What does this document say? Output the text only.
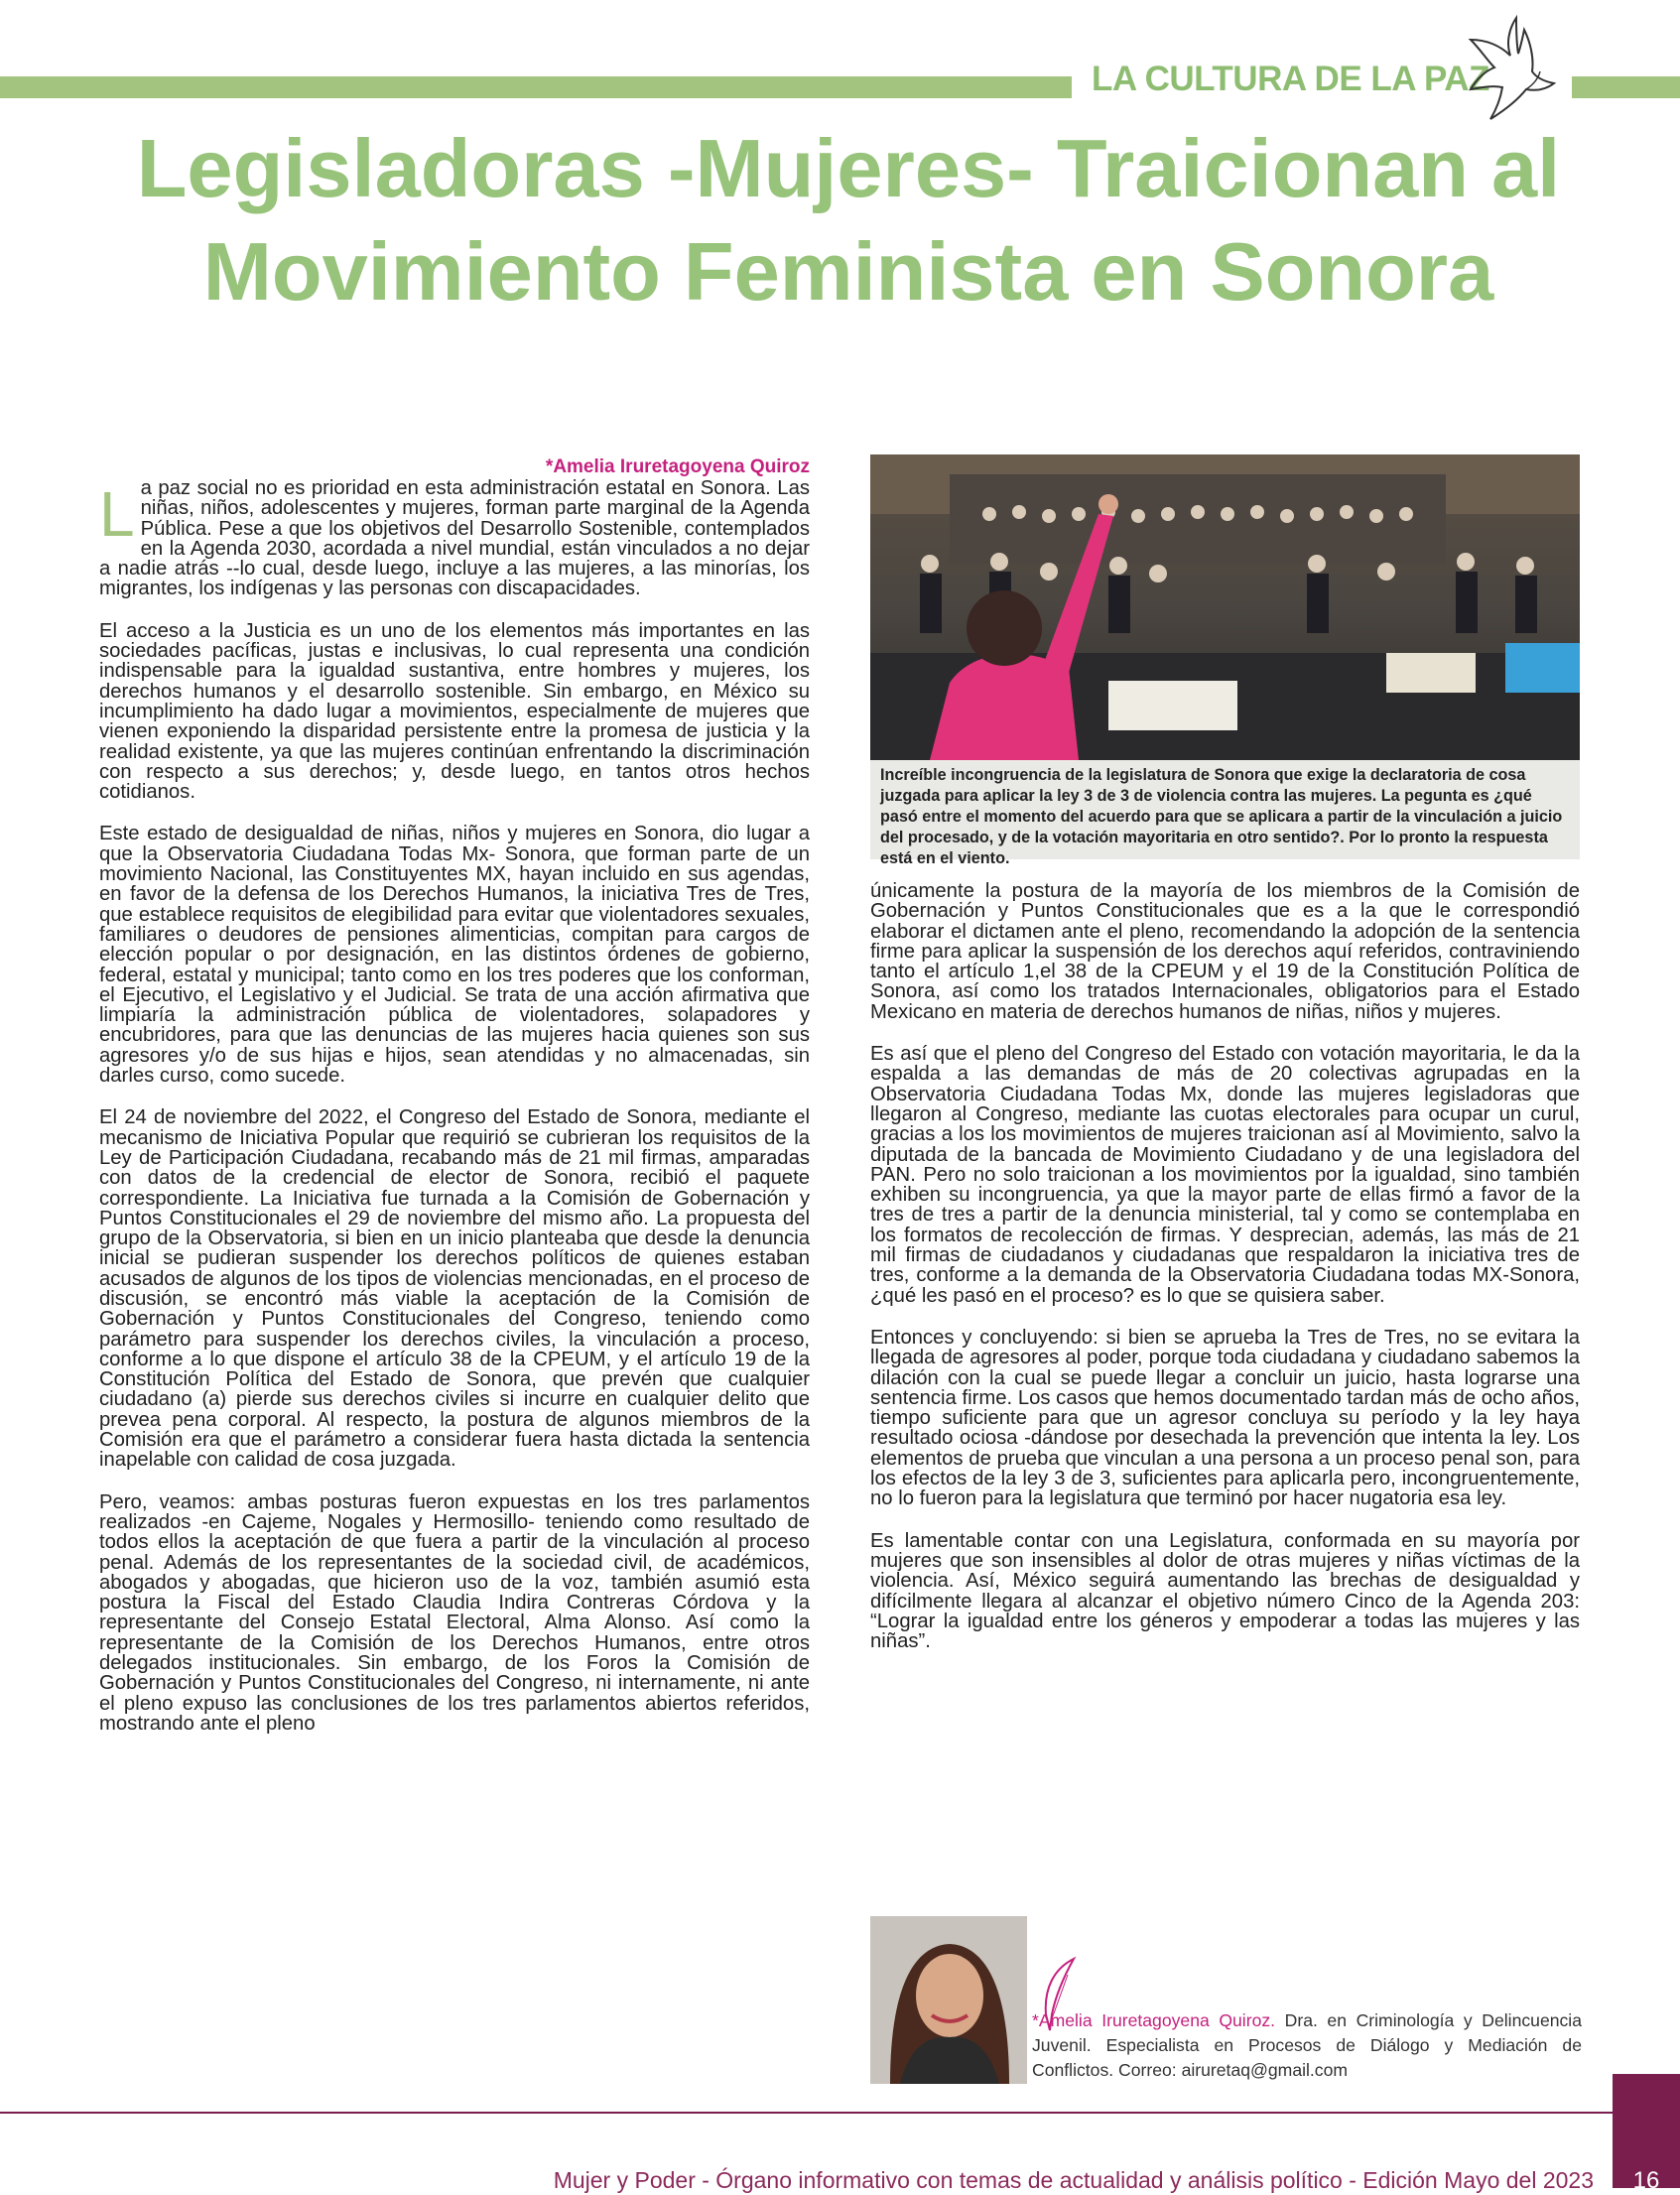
LA CULTURA DE LA PAZ
Legisladoras -Mujeres- Traicionan al Movimiento Feminista en Sonora
*Amelia Iruretagoyena Quiroz

La paz social no es prioridad en esta administración estatal en Sonora. Las niñas, niños, adolescentes y mujeres, forman parte marginal de la Agenda Pública. Pese a que los objetivos del Desarrollo Sostenible, contemplados en la Agenda 2030, acordada a nivel mundial, están vinculados a no dejar a nadie atrás --lo cual, desde luego, incluye a las mujeres, a las minorías, los migrantes, los indígenas y las personas con discapacidades.

El acceso a la Justicia es un uno de los elementos más importantes en las sociedades pacíficas, justas e inclusivas, lo cual representa una condición indispensable para la igualdad sustantiva, entre hombres y mujeres, los derechos humanos y el desarrollo sostenible. Sin embargo, en México su incumplimiento ha dado lugar a movimientos, especialmente de mujeres que vienen exponiendo la disparidad persistente entre la promesa de justicia y la realidad existente, ya que las mujeres continúan enfrentando la discriminación con respecto a sus derechos; y, desde luego, en tantos otros hechos cotidianos.

Este estado de desigualdad de niñas, niños y mujeres en Sonora, dio lugar a que la Observatoria Ciudadana Todas Mx- Sonora, que forman parte de un movimiento Nacional, las Constituyentes MX, hayan incluido en sus agendas, en favor de la defensa de los Derechos Humanos, la iniciativa Tres de Tres, que establece requisitos de elegibilidad para evitar que violentadores sexuales, familiares o deudores de pensiones alimenticias, compitan para cargos de elección popular o por designación, en las distintos órdenes de gobierno, federal, estatal y municipal; tanto como en los tres poderes que los conforman, el Ejecutivo, el Legislativo y el Judicial. Se trata de una acción afirmativa que limpiaría la administración pública de violentadores, solapadores y encubridores, para que las denuncias de las mujeres hacia quienes son sus agresores y/o de sus hijas e hijos, sean atendidas y no almacenadas, sin darles curso, como sucede.

El 24 de noviembre del 2022, el Congreso del Estado de Sonora, mediante el mecanismo de Iniciativa Popular que requirió se cubrieran los requisitos de la Ley de Participación Ciudadana, recabando más de 21 mil firmas, amparadas con datos de la credencial de elector de Sonora, recibió el paquete correspondiente. La Iniciativa fue turnada a la Comisión de Gobernación y Puntos Constitucionales el 29 de noviembre del mismo año. La propuesta del grupo de la Observatoria, si bien en un inicio planteaba que desde la denuncia inicial se pudieran suspender los derechos políticos de quienes estaban acusados de algunos de los tipos de violencias mencionadas, en el proceso de discusión, se encontró más viable la aceptación de la Comisión de Gobernación y Puntos Constitucionales del Congreso, teniendo como parámetro para suspender los derechos civiles, la vinculación a proceso, conforme a lo que dispone el artículo 38 de la CPEUM, y el artículo 19 de la Constitución Política del Estado de Sonora, que prevén que cualquier ciudadano (a) pierde sus derechos civiles si incurre en cualquier delito que prevea pena corporal. Al respecto, la postura de algunos miembros de la Comisión era que el parámetro a considerar fuera hasta dictada la sentencia inapelable con calidad de cosa juzgada.

Pero, veamos: ambas posturas fueron expuestas en los tres parlamentos realizados -en Cajeme, Nogales y Hermosillo- teniendo como resultado de todos ellos la aceptación de que fuera a partir de la vinculación al proceso penal. Además de los representantes de la sociedad civil, de académicos, abogados y abogadas, que hicieron uso de la voz, también asumió esta postura la Fiscal del Estado Claudia Indira Contreras Córdova y la representante del Consejo Estatal Electoral, Alma Alonso. Así como la representante de la Comisión de los Derechos Humanos, entre otros delegados institucionales. Sin embargo, de los Foros la Comisión de Gobernación y Puntos Constitucionales del Congreso, ni internamente, ni ante el pleno expuso las conclusiones de los tres parlamentos abiertos referidos, mostrando ante el pleno

Increíble incongruencia de la legislatura de Sonora que exige la declaratoria de cosa juzgada para aplicar la ley 3 de 3 de violencia contra las mujeres. La pegunta es ¿qué pasó entre el momento del acuerdo para que se aplicara a partir de la vinculación a juicio del procesado, y de la votación mayoritaria en otro sentido?. Por lo pronto la respuesta está en el viento.

únicamente la postura de la mayoría de los miembros de la Comisión de Gobernación y Puntos Constitucionales que es a la que le correspondió elaborar el dictamen ante el pleno, recomendando la adopción de la sentencia firme para aplicar la suspensión de los derechos aquí referidos, contraviniendo tanto el artículo 1,el 38 de la CPEUM y el 19 de la Constitución Política de Sonora, así como los tratados Internacionales, obligatorios para el Estado Mexicano en materia de derechos humanos de niñas, niños y mujeres.

Es así que el pleno del Congreso del Estado con votación mayoritaria, le da la espalda a las demandas de más de 20 colectivas agrupadas en la Observatoria Ciudadana Todas Mx, donde las mujeres legisladoras que llegaron al Congreso, mediante las cuotas electorales para ocupar un curul, gracias a los los movimientos de mujeres traicionan así al Movimiento, salvo la diputada de la bancada de Movimiento Ciudadano y de una legisladora del PAN. Pero no solo traicionan a los movimientos por la igualdad, sino también exhiben su incongruencia, ya que la mayor parte de ellas firmó a favor de la tres de tres a partir de la denuncia ministerial, tal y como se contemplaba en los formatos de recolección de firmas. Y desprecian, además, las más de 21 mil firmas de ciudadanos y ciudadanas que respaldaron la iniciativa tres de tres, conforme a la demanda de la Observatoria Ciudadana todas MX-Sonora, ¿qué les pasó en el proceso? es lo que se quisiera saber.

Entonces y concluyendo: si bien se aprueba la Tres de Tres, no se evitara la llegada de agresores al poder, porque toda ciudadana y ciudadano sabemos la dilación con la cual se puede llegar a concluir un juicio, hasta lograrse una sentencia firme. Los casos que hemos documentado tardan más de ocho años, tiempo suficiente para que un agresor concluya su período y la ley haya resultado ociosa -dándose por desechada la prevención que intenta la ley. Los elementos de prueba que vinculan a una persona a un proceso penal son, para los efectos de la ley 3 de 3, suficientes para aplicarla pero, incongruentemente, no lo fueron para la legislatura que terminó por hacer nugatoria esa ley.

Es lamentable contar con una Legislatura, conformada en su mayoría por mujeres que son insensibles al dolor de otras mujeres y niñas víctimas de la violencia. Así, México seguirá aumentando las brechas de desigualdad y difícilmente llegara al alcanzar el objetivo número Cinco de la Agenda 203: “Lograr la igualdad entre los géneros y empoderar a todas las mujeres y las niñas”.

*Amelia Iruretagoyena Quiroz. Dra. en Criminología y Delincuencia Juvenil. Especialista en Procesos de Diálogo y Mediación de Conflictos. Correo: airuretaq@gmail.com
Mujer y Poder - Órgano informativo con temas de actualidad y análisis político - Edición Mayo del 2023	16
